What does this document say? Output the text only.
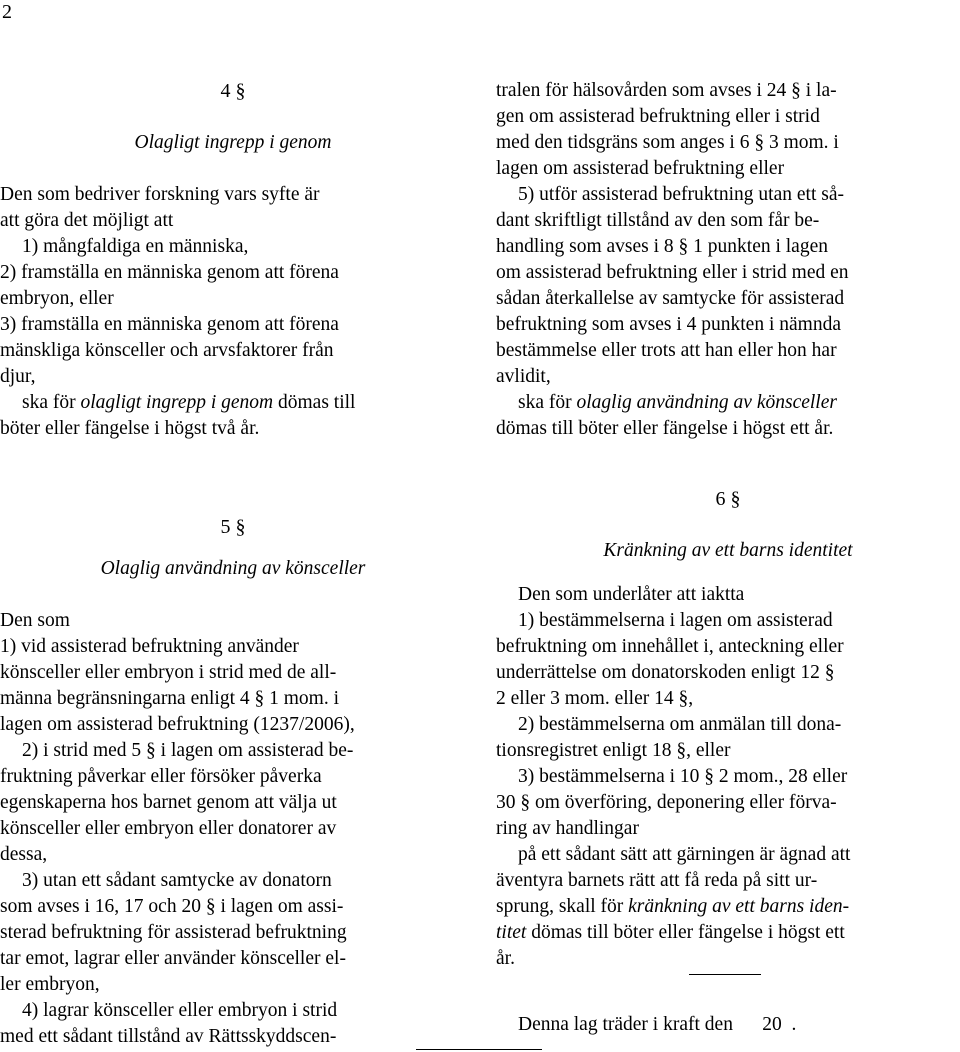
2
4 §
Olagligt ingrepp i genom
Den som bedriver forskning vars syfte är
att göra det möjligt att
1) mångfaldiga en människa,
2) framställa en människa genom att förena
embryon, eller
3) framställa en människa genom att förena
mänskliga könsceller och arvsfaktorer från
djur,
ska för olagligt ingrepp i genom dömas till
böter eller fängelse i högst två år.
tralen för hälsovården som avses i 24 § i la-
gen om assisterad befruktning eller i strid
med den tidsgräns som anges i 6 § 3 mom. i
lagen om assisterad befruktning eller
5) utför assisterad befruktning utan ett så-
dant skriftligt tillstånd av den som får be-
handling som avses i 8 § 1 punkten i lagen
om assisterad befruktning eller i strid med en
sådan återkallelse av samtycke för assisterad
befruktning som avses i 4 punkten i nämnda
bestämmelse eller trots att han eller hon har
avlidit,
ska för olaglig användning av könsceller
dömas till böter eller fängelse i högst ett år.
5 §
Olaglig användning av könsceller
Den som
1) vid assisterad befruktning använder
könsceller eller embryon i strid med de all-
männa begränsningarna enligt 4 § 1 mom. i
lagen om assisterad befruktning (1237/2006),
2) i strid med 5 § i lagen om assisterad be-
fruktning påverkar eller försöker påverka
egenskaperna hos barnet genom att välja ut
könsceller eller embryon eller donatorer av
dessa,
3) utan ett sådant samtycke av donatorn
som avses i 16, 17 och 20 § i lagen om assi-
sterad befruktning för assisterad befruktning
tar emot, lagrar eller använder könsceller el-
ler embryon,
4) lagrar könsceller eller embryon i strid
med ett sådant tillstånd av Rättsskyddscen-
6 §
Kränkning av ett barns identitet
Den som underlåter att iaktta
1) bestämmelserna i lagen om assisterad
befruktning om innehållet i, anteckning eller
underrättelse om donatorskoden enligt 12 §
2 eller 3 mom. eller 14 §,
2) bestämmelserna om anmälan till dona-
tionsregistret enligt 18 §, eller
3) bestämmelserna i 10 § 2 mom., 28 eller
30 § om överföring, deponering eller förva-
ring av handlingar
på ett sådant sätt att gärningen är ägnad att
äventyra barnets rätt att få reda på sitt ur-
sprung, skall för kränkning av ett barns iden-
titet dömas till böter eller fängelse i högst ett
år.
Denna lag träder i kraft den      20  .
